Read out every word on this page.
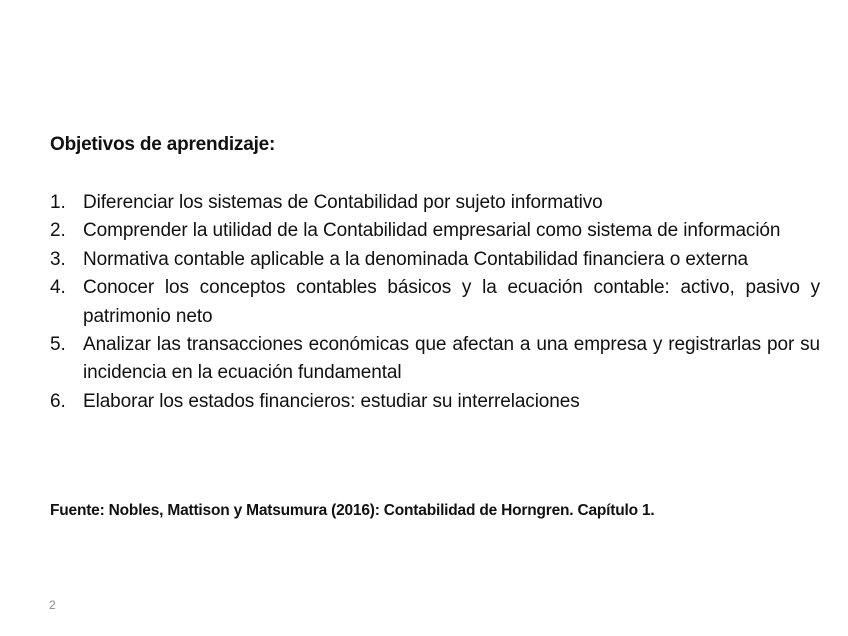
Objetivos de aprendizaje:
1. Diferenciar los sistemas de Contabilidad por sujeto informativo
2. Comprender la utilidad de la Contabilidad empresarial como sistema de información
3. Normativa contable aplicable a la denominada Contabilidad financiera o externa
4. Conocer los conceptos contables básicos y la ecuación contable: activo, pasivo y patrimonio neto
5. Analizar las transacciones económicas que afectan a una empresa y registrarlas por su incidencia en la ecuación fundamental
6. Elaborar los estados financieros: estudiar su interrelaciones

Fuente: Nobles, Mattison y Matsumura (2016): Contabilidad de Horngren. Capítulo 1.

2
